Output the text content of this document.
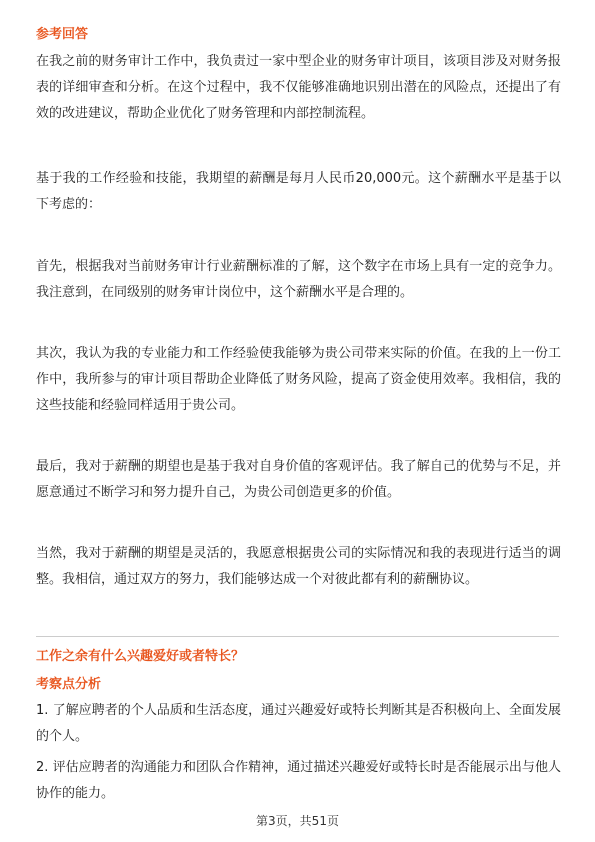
参考回答
在我之前的财务审计工作中，我负责过一家中型企业的财务审计项目，该项目涉及对财务报表的详细审查和分析。在这个过程中，我不仅能够准确地识别出潜在的风险点，还提出了有效的改进建议，帮助企业优化了财务管理和内部控制流程。
基于我的工作经验和技能，我期望的薪酬是每月人民币20,000元。这个薪酬水平是基于以下考虑的：
首先，根据我对当前财务审计行业薪酬标准的了解，这个数字在市场上具有一定的竞争力。我注意到，在同级别的财务审计岗位中，这个薪酬水平是合理的。
其次，我认为我的专业能力和工作经验使我能够为贵公司带来实际的价值。在我的上一份工作中，我所参与的审计项目帮助企业降低了财务风险，提高了资金使用效率。我相信，我的这些技能和经验同样适用于贵公司。
最后，我对于薪酬的期望也是基于我对自身价值的客观评估。我了解自己的优势与不足，并愿意通过不断学习和努力提升自己，为贵公司创造更多的价值。
当然，我对于薪酬的期望是灵活的，我愿意根据贵公司的实际情况和我的表现进行适当的调整。我相信，通过双方的努力，我们能够达成一个对彼此都有利的薪酬协议。
工作之余有什么兴趣爱好或者特长？
考察点分析
1. 了解应聘者的个人品质和生活态度，通过兴趣爱好或特长判断其是否积极向上、全面发展的个人。
2. 评估应聘者的沟通能力和团队合作精神，通过描述兴趣爱好或特长时是否能展示出与他人协作的能力。
第3页，共51页
